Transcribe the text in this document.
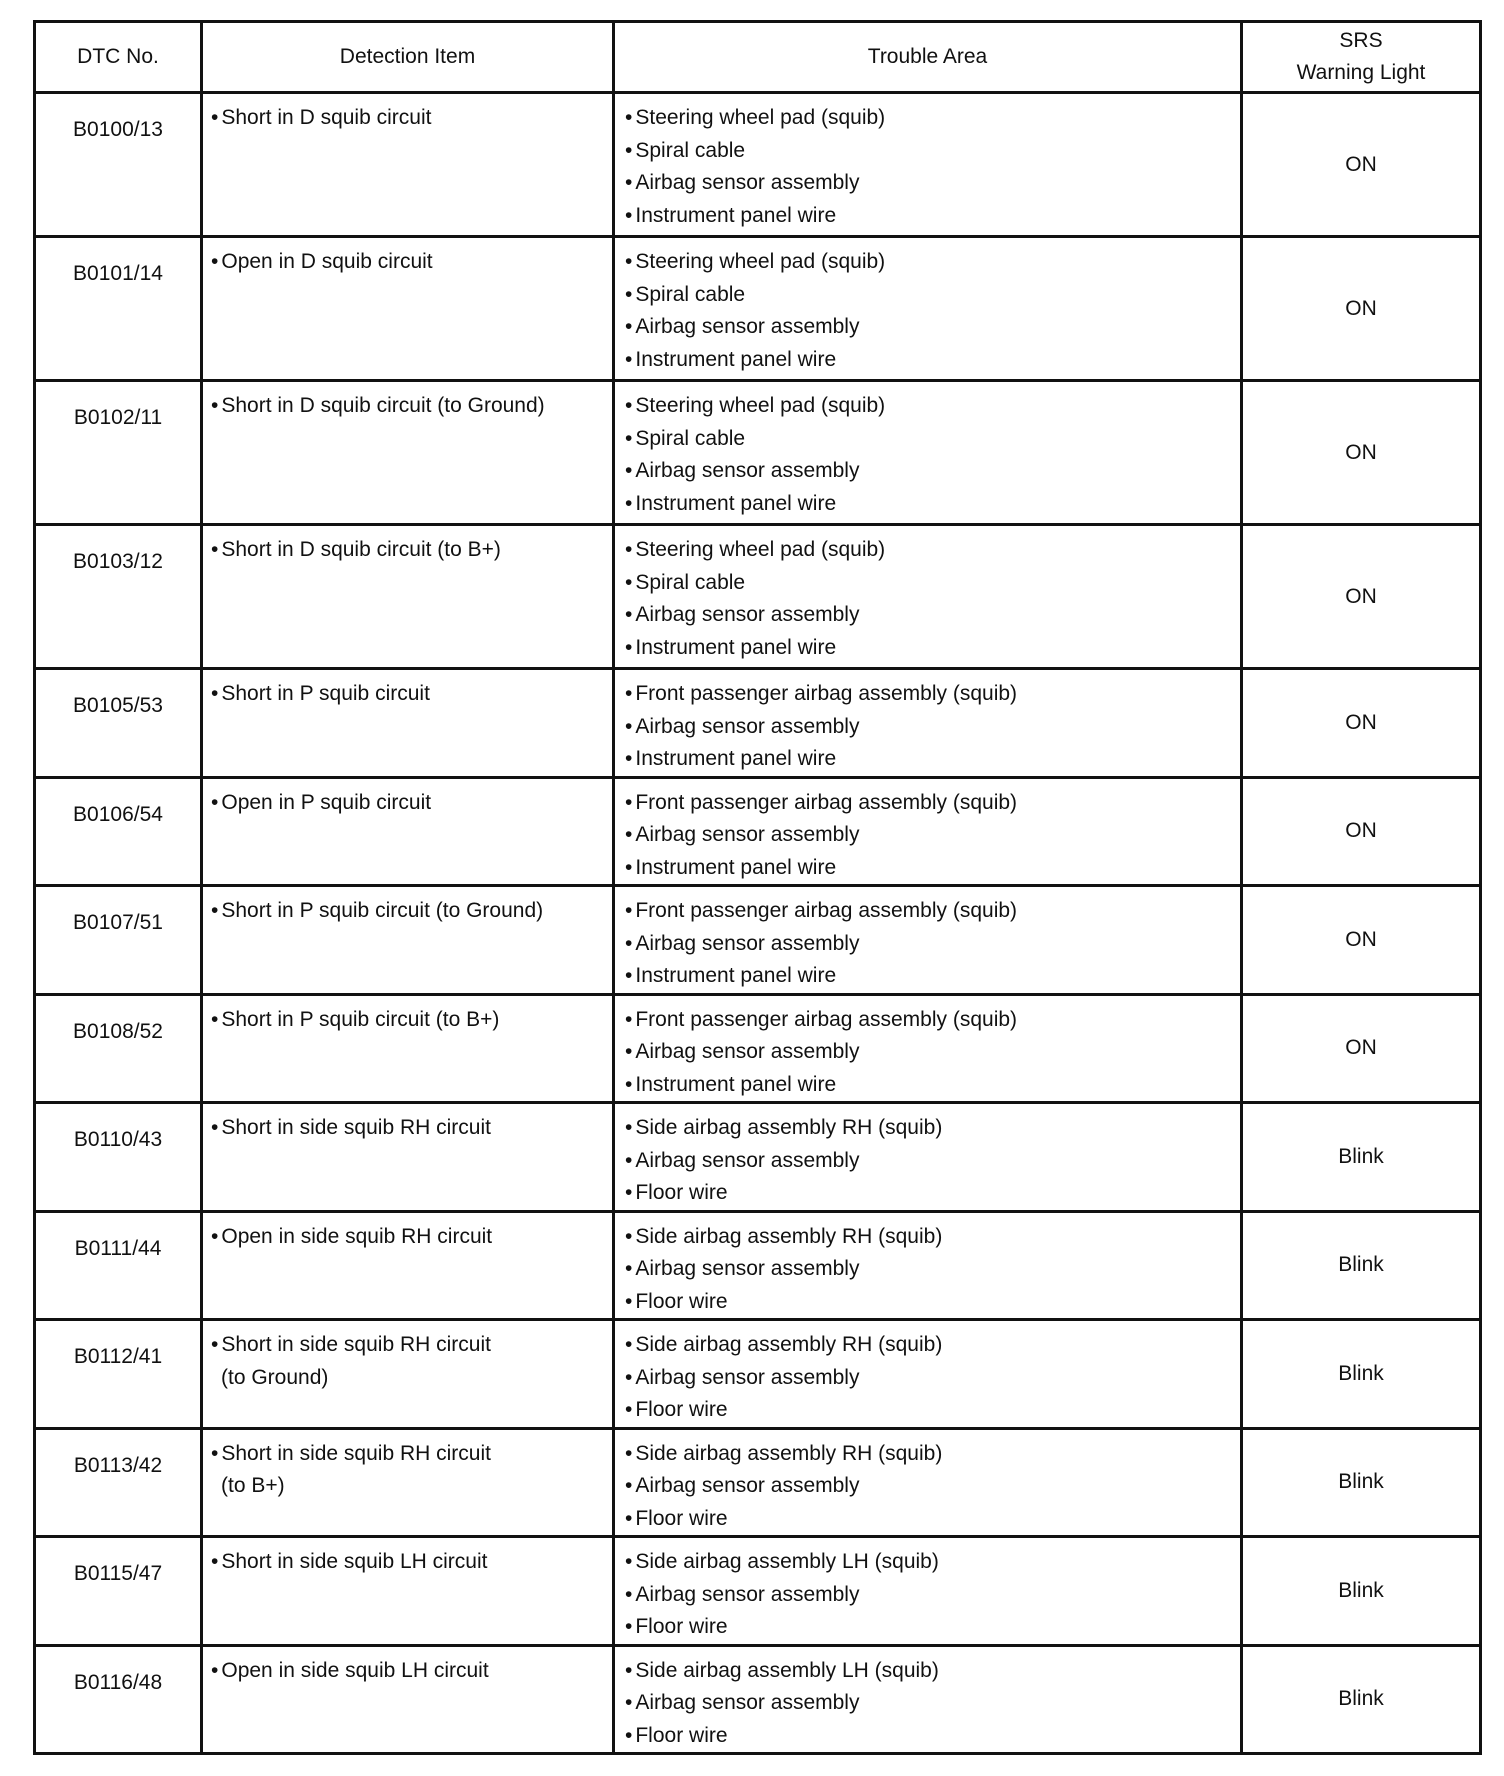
DTC No.	Detection Item	Trouble Area	SRS
Warning Light

B0100/13	• Short in D squib circuit	• Steering wheel pad (squib)
• Spiral cable
• Airbag sensor assembly
• Instrument panel wire	ON
B0101/14	• Open in D squib circuit	• Steering wheel pad (squib)
• Spiral cable
• Airbag sensor assembly
• Instrument panel wire	ON
B0102/11	• Short in D squib circuit (to Ground)	• Steering wheel pad (squib)
• Spiral cable
• Airbag sensor assembly
• Instrument panel wire	ON
B0103/12	• Short in D squib circuit (to B+)	• Steering wheel pad (squib)
• Spiral cable
• Airbag sensor assembly
• Instrument panel wire	ON
B0105/53	• Short in P squib circuit	• Front passenger airbag assembly (squib)
• Airbag sensor assembly
• Instrument panel wire	ON
B0106/54	• Open in P squib circuit	• Front passenger airbag assembly (squib)
• Airbag sensor assembly
• Instrument panel wire	ON
B0107/51	• Short in P squib circuit (to Ground)	• Front passenger airbag assembly (squib)
• Airbag sensor assembly
• Instrument panel wire	ON
B0108/52	• Short in P squib circuit (to B+)	• Front passenger airbag assembly (squib)
• Airbag sensor assembly
• Instrument panel wire	ON
B0110/43	• Short in side squib RH circuit	• Side airbag assembly RH (squib)
• Airbag sensor assembly
• Floor wire	Blink
B0111/44	• Open in side squib RH circuit	• Side airbag assembly RH (squib)
• Airbag sensor assembly
• Floor wire	Blink
B0112/41	• Short in side squib RH circuit
(to Ground)	• Side airbag assembly RH (squib)
• Airbag sensor assembly
• Floor wire	Blink
B0113/42	• Short in side squib RH circuit
(to B+)	• Side airbag assembly RH (squib)
• Airbag sensor assembly
• Floor wire	Blink
B0115/47	• Short in side squib LH circuit	• Side airbag assembly LH (squib)
• Airbag sensor assembly
• Floor wire	Blink
B0116/48	• Open in side squib LH circuit	• Side airbag assembly LH (squib)
• Airbag sensor assembly
• Floor wire	Blink
